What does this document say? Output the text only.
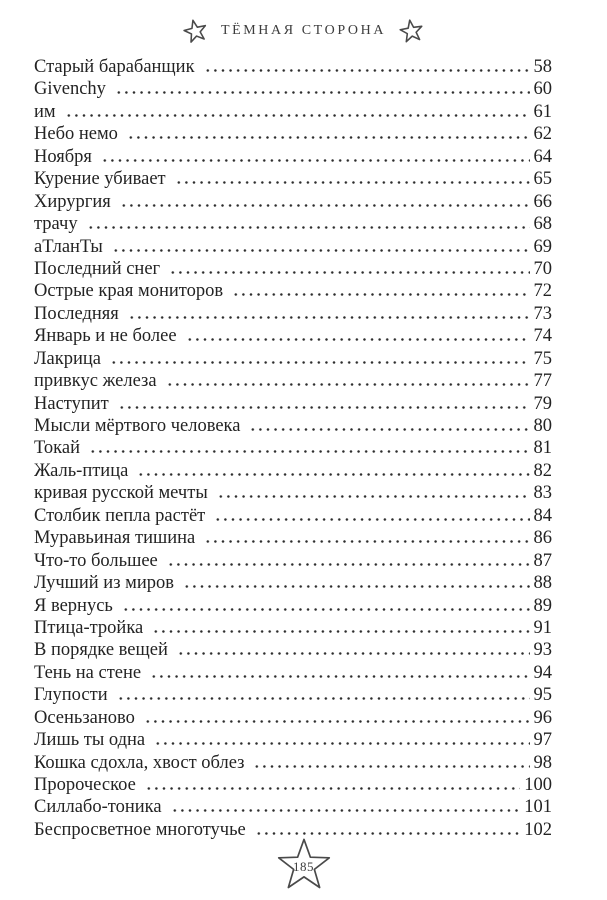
ТЁМНАЯ СТОРОНА
Старый барабанщик	58
Givenchy	60
им	61
Небо немо	62
Ноября	64
Курение убивает	65
Хирургия	66
трачу	68
аТланТы	69
Последний снег	70
Острые края мониторов	72
Последняя	73
Январь и не более	74
Лакрица	75
привкус железа	77
Наступит	79
Мысли мёртвого человека	80
Токай	81
Жаль-птица	82
кривая русской мечты	83
Столбик пепла растёт	84
Муравьиная тишина	86
Что-то большее	87
Лучший из миров	88
Я вернусь	89
Птица-тройка	91
В порядке вещей	93
Тень на стене	94
Глупости	95
Осеньзаново	96
Лишь ты одна	97
Кошка сдохла, хвост облез	98
Пророческое	100
Силлабо-тоника	101
Беспросветное многотучье	102
185
